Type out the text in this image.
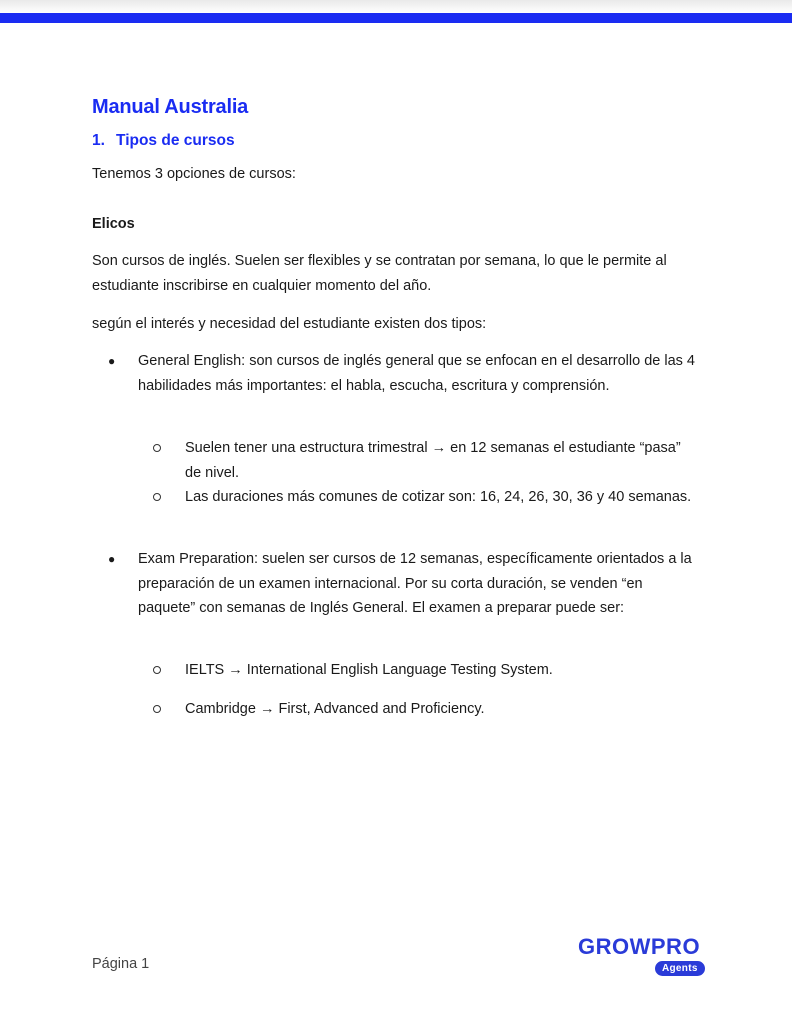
Manual Australia
1. Tipos de cursos

Tenemos 3 opciones de cursos:

Elicos

Son cursos de inglés. Suelen ser flexibles y se contratan por semana, lo que le permite al estudiante inscribirse en cualquier momento del año.

según el interés y necesidad del estudiante existen dos tipos:

● General English: son cursos de inglés general que se enfocan en el desarrollo de las 4 habilidades más importantes: el habla, escucha, escritura y comprensión.

Suelen tener una estructura trimestral → en 12 semanas el estudiante “pasa” de nivel.

Las duraciones más comunes de cotizar son: 16, 24, 26, 30, 36 y 40 semanas.

● Exam Preparation: suelen ser cursos de 12 semanas, específicamente orientados a la preparación de un examen internacional. Por su corta duración, se venden “en paquete” con semanas de Inglés General. El examen a preparar puede ser:

IELTS → International English Language Testing System.

Cambridge → First, Advanced and Proficiency.

Página 1
GROWPRO
Agents
